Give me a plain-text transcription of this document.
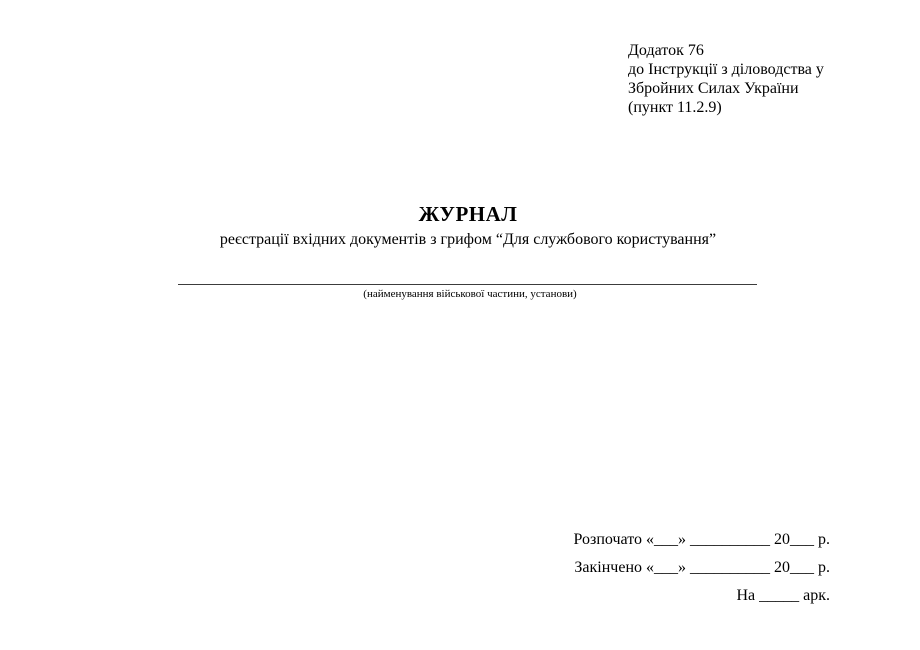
Додаток 76
до Інструкції з діловодства у
Збройних Силах України
(пункт 11.2.9)
ЖУРНАЛ
реєстрації вхідних документів з грифом “Для службового користування”
(найменування військової частини, установи)
Розпочато «___» __________ 20___ р.
Закінчено «___» __________ 20___ р.
На _____ арк.
